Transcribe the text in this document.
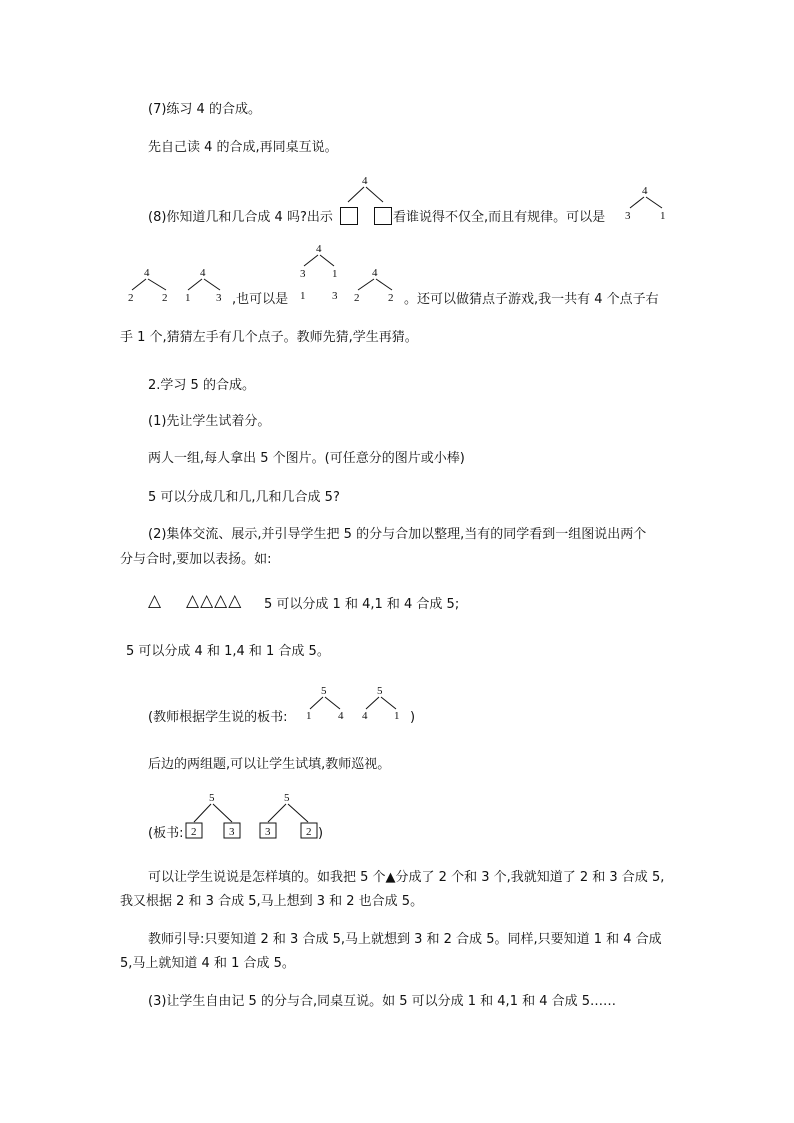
(7)练习 4 的合成。
先自己读 4 的合成,再同桌互说。
(8)你知道几和几合成 4 吗?出示
4
看谁说得不仅全,而且有规律。可以是
4
3	1
4
2	2
4
1 3 ,也可以是
4
3 1
1 3
4
2	2 。还可以做猜点子游戏,我一共有 4 个点子右
手 1 个,猜猜左手有几个点子。教师先猜,学生再猜。
2.学习 5 的合成。
(1)先让学生试着分。
两人一组,每人拿出 5 个图片。(可任意分的图片或小棒)
5 可以分成几和几,几和几合成 5?
(2)集体交流、展示,并引导学生把 5 的分与合加以整理,当有的同学看到一组图说出两个
分与合时,要加以表扬。如:
△ △△△△ 5 可以分成 1 和 4,1 和 4 合成 5;
5 可以分成 4 和 1,4 和 1 合成 5。
(教师根据学生说的板书:
5
1 4
5
4 1 )
后边的两组题,可以让学生试填,教师巡视。
(板书:
5
2	3
5
3	2 )
可以让学生说说是怎样填的。如我把 5 个▲分成了 2 个和 3 个,我就知道了 2 和 3 合成 5,
我又根据 2 和 3 合成 5,马上想到 3 和 2 也合成 5。
教师引导:只要知道 2 和 3 合成 5,马上就想到 3 和 2 合成 5。同样,只要知道 1 和 4 合成
5,马上就知道 4 和 1 合成 5。
(3)让学生自由记 5 的分与合,同桌互说。如 5 可以分成 1 和 4,1 和 4 合成 5……
